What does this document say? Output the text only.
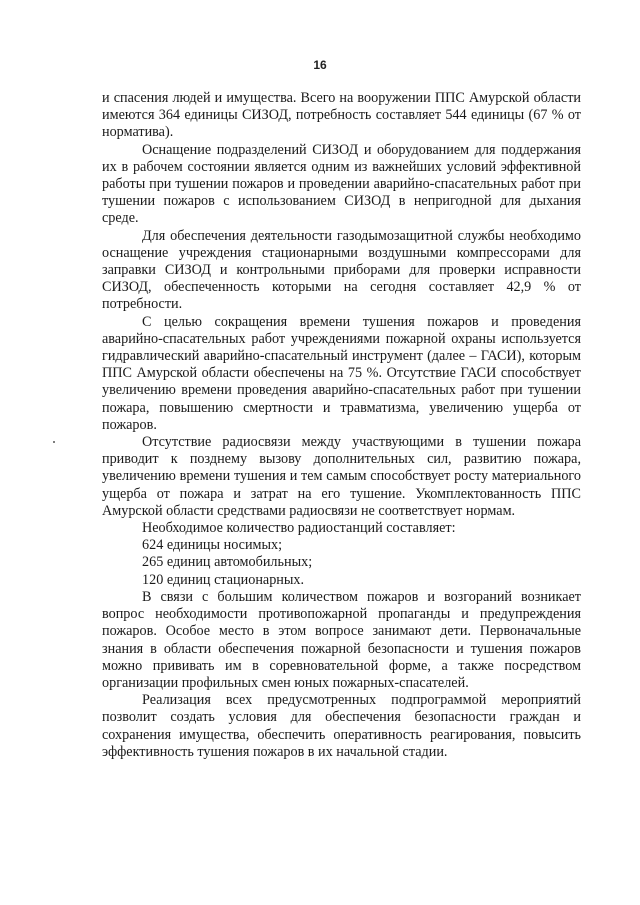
16

и спасения людей и имущества. Всего на вооружении ППС Амурской области имеются 364 единицы СИЗОД, потребность составляет 544 единицы (67 % от норматива).

Оснащение подразделений СИЗОД и оборудованием для поддержания их в рабочем состоянии является одним из важнейших условий эффективной работы при тушении пожаров и проведении аварийно-спасательных работ при тушении пожаров с использованием СИЗОД в непригодной для дыхания среде.

Для обеспечения деятельности газодымозащитной службы необходимо оснащение учреждения стационарными воздушными компрессорами для заправки СИЗОД и контрольными приборами для проверки исправности СИЗОД, обеспеченность которыми на сегодня составляет 42,9 % от потребности.

С целью сокращения времени тушения пожаров и проведения аварийно-спасательных работ учреждениями пожарной охраны используется гидравлический аварийно-спасательный инструмент (далее – ГАСИ), которым ППС Амурской области обеспечены на 75 %. Отсутствие ГАСИ способствует увеличению времени проведения аварийно-спасательных работ при тушении пожара, повышению смертности и травматизма, увеличению ущерба от пожаров.

Отсутствие радиосвязи между участвующими в тушении пожара приводит к позднему вызову дополнительных сил, развитию пожара, увеличению времени тушения и тем самым способствует росту материального ущерба от пожара и затрат на его тушение. Укомплектованность ППС Амурской области средствами радиосвязи не соответствует нормам.

Необходимое количество радиостанций составляет:

624 единицы носимых;

265 единиц автомобильных;

120 единиц стационарных.

В связи с большим количеством пожаров и возгораний возникает вопрос необходимости противопожарной пропаганды и предупреждения пожаров. Особое место в этом вопросе занимают дети. Первоначальные знания в области обеспечения пожарной безопасности и тушения пожаров можно прививать им в соревновательной форме, а также посредством организации профильных смен юных пожарных-спасателей.

Реализация всех предусмотренных подпрограммой мероприятий позволит создать условия для обеспечения безопасности граждан и сохранения имущества, обеспечить оперативность реагирования, повысить эффективность тушения пожаров в их начальной стадии.
